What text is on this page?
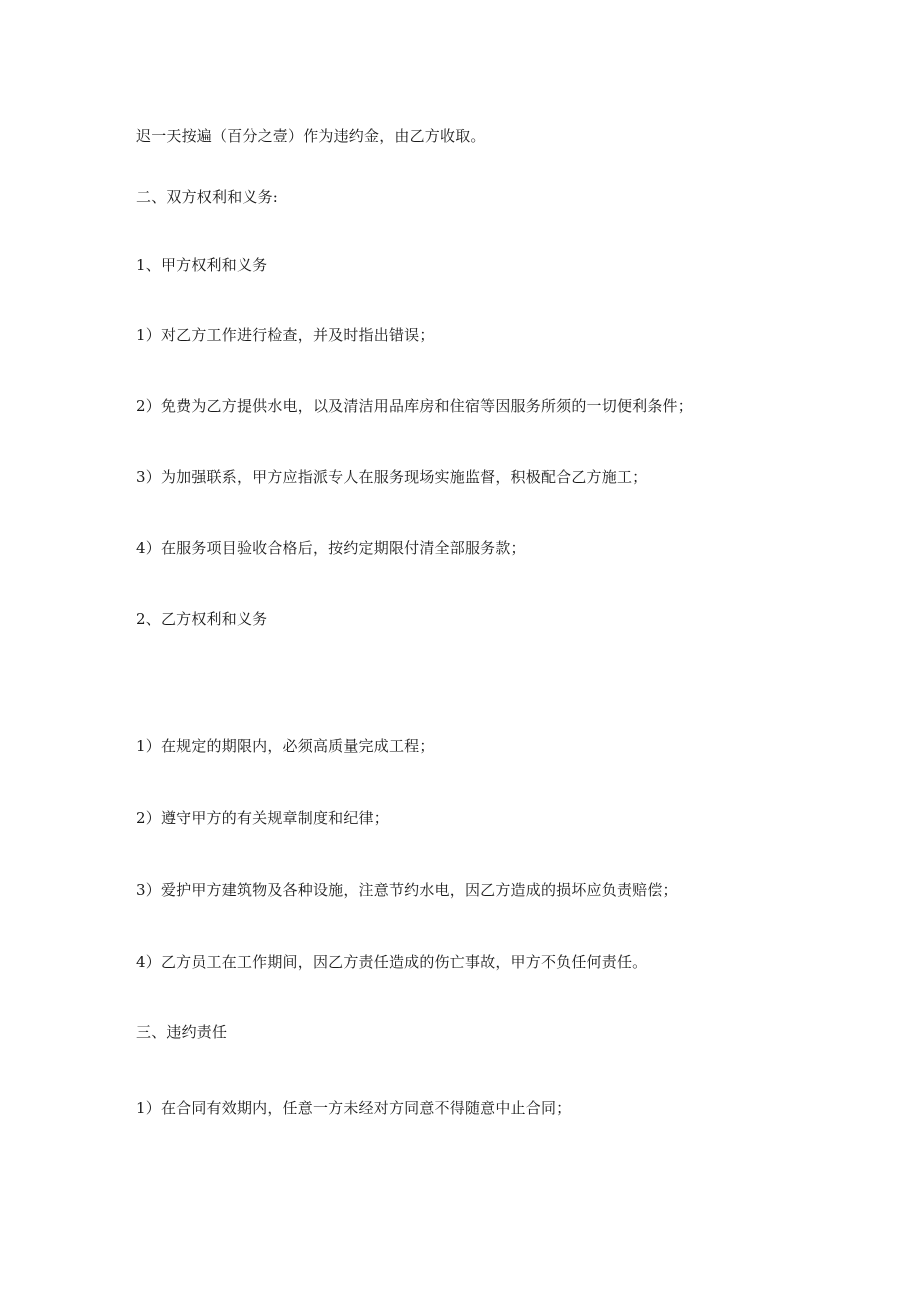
迟一天按遍（百分之壹）作为违约金，由乙方收取。

二、双方权利和义务:

1、甲方权利和义务

1）对乙方工作进行检查，并及时指出错误；

2）免费为乙方提供水电，以及清洁用品库房和住宿等因服务所须的一切便利条件；

3）为加强联系，甲方应指派专人在服务现场实施监督，积极配合乙方施工；

4）在服务项目验收合格后，按约定期限付清全部服务款；

2、乙方权利和义务

1）在规定的期限内，必须高质量完成工程；

2）遵守甲方的有关规章制度和纪律；

3）爱护甲方建筑物及各种设施，注意节约水电，因乙方造成的损坏应负责赔偿；

4）乙方员工在工作期间，因乙方责任造成的伤亡事故，甲方不负任何责任。

三、违约责任

1）在合同有效期内，任意一方未经对方同意不得随意中止合同；
